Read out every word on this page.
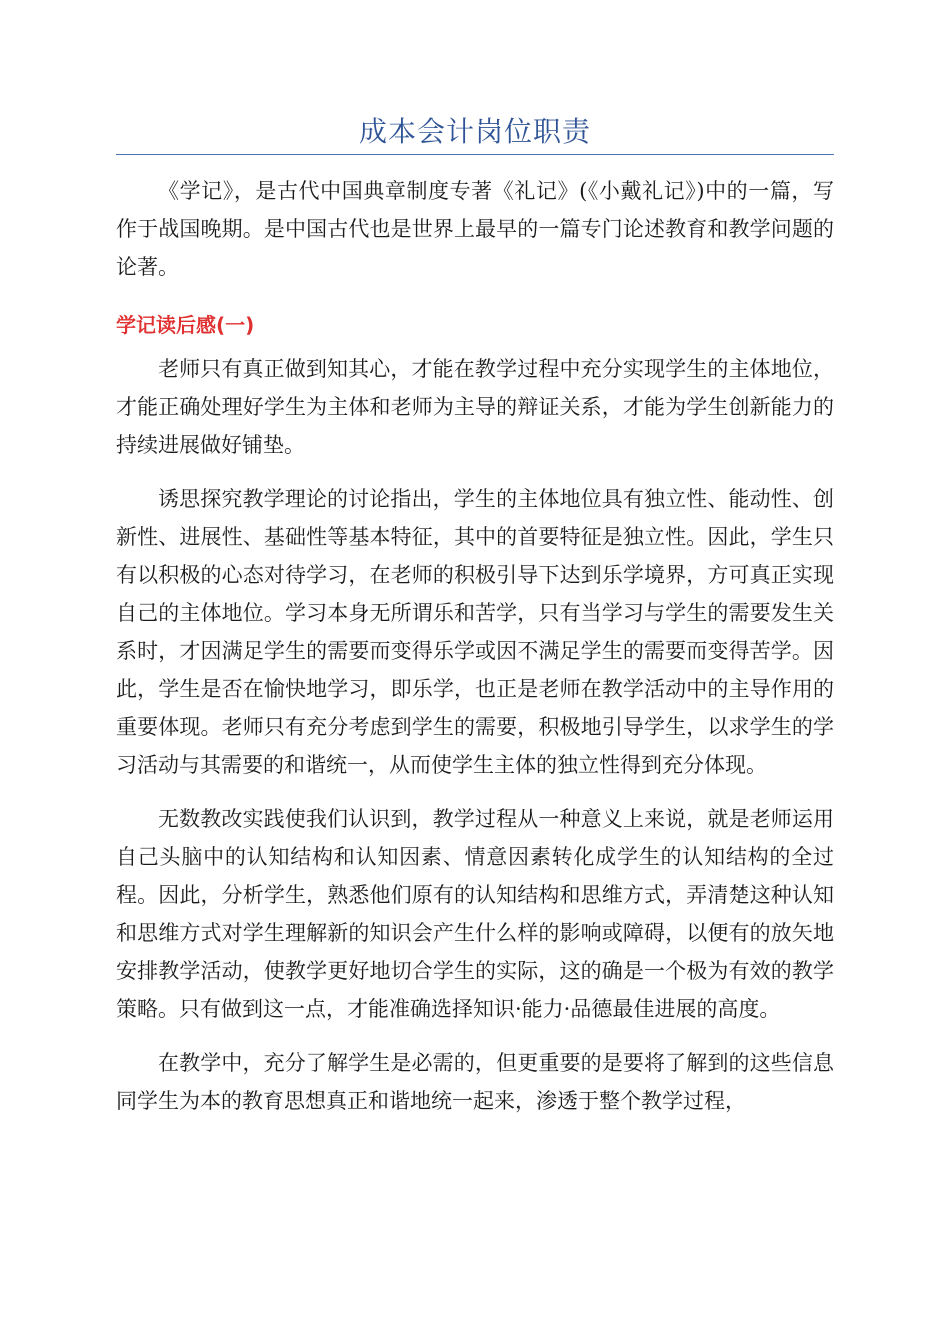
成本会计岗位职责

《学记》，是古代中国典章制度专著《礼记》(《小戴礼记》)中的一篇，写作于战国晚期。是中国古代也是世界上最早的一篇专门论述教育和教学问题的论著。

学记读后感(一)

老师只有真正做到知其心，才能在教学过程中充分实现学生的主体地位，才能正确处理好学生为主体和老师为主导的辩证关系，才能为学生创新能力的持续进展做好铺垫。

诱思探究教学理论的讨论指出，学生的主体地位具有独立性、能动性、创新性、进展性、基础性等基本特征，其中的首要特征是独立性。因此，学生只有以积极的心态对待学习，在老师的积极引导下达到乐学境界，方可真正实现自己的主体地位。学习本身无所谓乐和苦学，只有当学习与学生的需要发生关系时，才因满足学生的需要而变得乐学或因不满足学生的需要而变得苦学。因此，学生是否在愉快地学习，即乐学，也正是老师在教学活动中的主导作用的重要体现。老师只有充分考虑到学生的需要，积极地引导学生，以求学生的学习活动与其需要的和谐统一，从而使学生主体的独立性得到充分体现。

无数教改实践使我们认识到，教学过程从一种意义上来说，就是老师运用自己头脑中的认知结构和认知因素、情意因素转化成学生的认知结构的全过程。因此，分析学生，熟悉他们原有的认知结构和思维方式，弄清楚这种认知和思维方式对学生理解新的知识会产生什么样的影响或障碍，以便有的放矢地安排教学活动，使教学更好地切合学生的实际，这的确是一个极为有效的教学策略。只有做到这一点，才能准确选择知识·能力·品德最佳进展的高度。

在教学中，充分了解学生是必需的，但更重要的是要将了解到的这些信息同学生为本的教育思想真正和谐地统一起来，渗透于整个教学过程，
